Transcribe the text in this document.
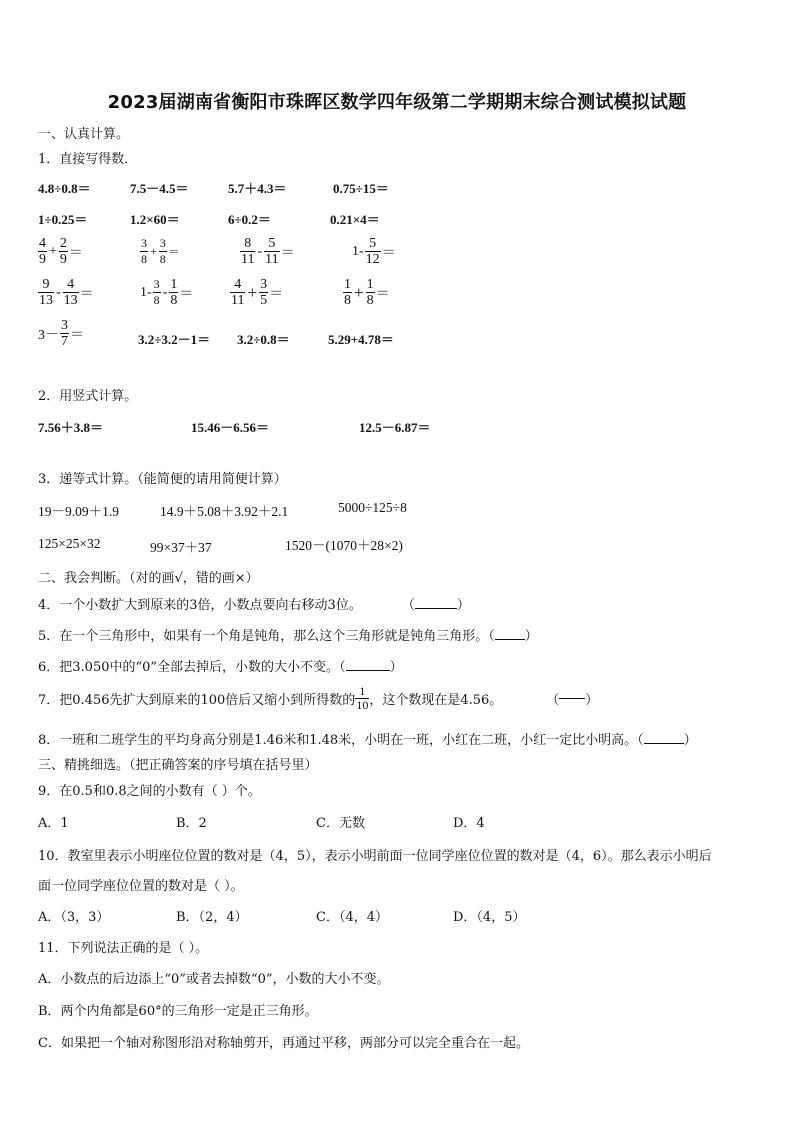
2023届湖南省衡阳市珠晖区数学四年级第二学期期末综合测试模拟试题
一、认真计算。
1．直接写得数．
4.8÷0.8＝	7.5－4.5＝	5.7＋4.3＝	0.75÷15＝
1÷0.25＝	1.2×60＝	6÷0.2＝	0.21×4＝
$\frac{4}{9} + \frac{2}{9}$ ＝	$\frac{3}{8} + \frac{3}{8}$ ＝	$\frac{8}{11} - \frac{5}{11}$ ＝	$1- \frac{5}{12}$ ＝
$\frac{9}{13} - \frac{4}{13}$ ＝	$1- \frac{3}{8} - \frac{1}{8}$ ＝	$\frac{4}{11} + \frac{3}{5}$ ＝	$\frac{1}{8} + \frac{1}{8}$ ＝
$3- \frac{3}{7}$ ＝	3.2÷3.2－1＝ 3.2÷0.8＝	5.29+4.78＝
2．用竖式计算。
7.56＋3.8＝	15.46－6.56＝	12.5－6.87＝
3．递等式计算。（能简便的请用简便计算）
19－9.09＋1.9	14.9＋5.08＋3.92＋2.1	5000÷125÷8
125×25×32	99×37＋37	1520－(1070＋28×2)
二、我会判断。（对的画√，错的画×）
4．一个小数扩大到原来的3倍，小数点要向右移动3位。	（	）
5．在一个三角形中，如果有一个角是钝角，那么这个三角形就是钝角三角形。（ ）
6．把3.050中的“0”全部去掉后，小数的大小不变。（	）
7．把0.456先扩大到原来的100倍后又缩小到所得数的 $\frac{1}{10}$ ，这个数现在是4.56。	（ ）
8．一班和二班学生的平均身高分别是1.46米和1.48米，小明在一班，小红在二班，小红一定比小明高。（	）
三、精挑细选。（把正确答案的序号填在括号里）
9．在0.5和0.8之间的小数有（ ）个。
A．1	B．2	C．无数	D．4
10．教室里表示小明座位位置的数对是（4，5），表示小明前面一位同学座位位置的数对是（4，6）。那么表示小明后
面一位同学座位位置的数对是（ ）。
A．（3，3）	B．（2，4）	C．（4，4）	D．（4，5）
11．下列说法正确的是（ ）。
A．小数点的后边添上“0”或者去掉数“0”，小数的大小不变。
B．两个内角都是60°的三角形一定是正三角形。
C．如果把一个轴对称图形沿对称轴剪开，再通过平移，两部分可以完全重合在一起。
